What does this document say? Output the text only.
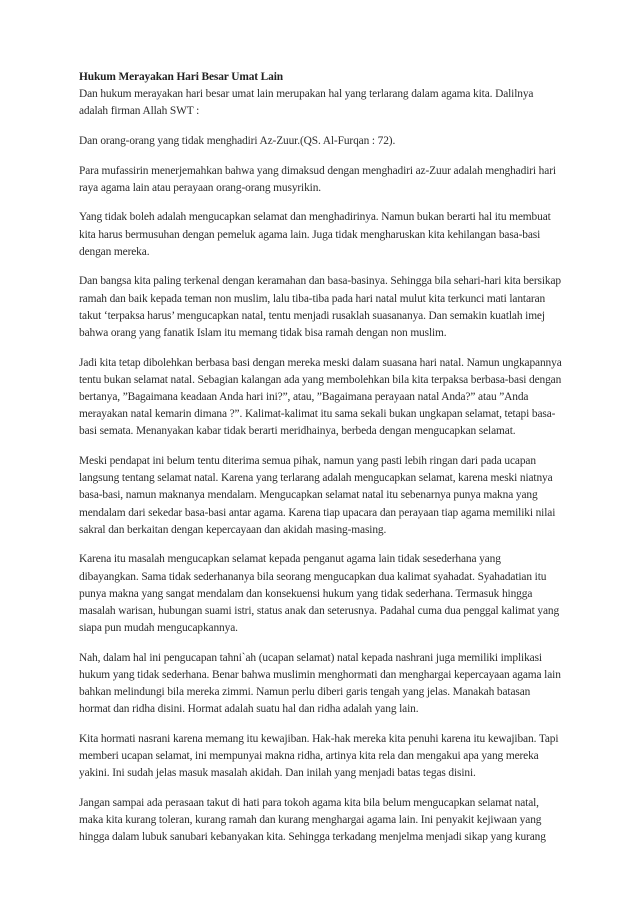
Hukum Merayakan Hari Besar Umat Lain

Dan hukum merayakan hari besar umat lain merupakan hal yang terlarang dalam agama kita. Dalilnya adalah firman Allah SWT :

Dan orang-orang yang tidak menghadiri Az-Zuur.(QS. Al-Furqan : 72).

Para mufassirin menerjemahkan bahwa yang dimaksud dengan menghadiri az-Zuur adalah menghadiri hari raya agama lain atau perayaan orang-orang musyrikin.

Yang tidak boleh adalah mengucapkan selamat dan menghadirinya. Namun bukan berarti hal itu membuat kita harus bermusuhan dengan pemeluk agama lain. Juga tidak mengharuskan kita kehilangan basa-basi dengan mereka.

Dan bangsa kita paling terkenal dengan keramahan dan basa-basinya. Sehingga bila sehari-hari kita bersikap ramah dan baik kepada teman non muslim, lalu tiba-tiba pada hari natal mulut kita terkunci mati lantaran takut ‘terpaksa harus’ mengucapkan natal, tentu menjadi rusaklah suasananya. Dan semakin kuatlah imej bahwa orang yang fanatik Islam itu memang tidak bisa ramah dengan non muslim.

Jadi kita tetap dibolehkan berbasa basi dengan mereka meski dalam suasana hari natal. Namun ungkapannya tentu bukan selamat natal. Sebagian kalangan ada yang membolehkan bila kita terpaksa berbasa-basi dengan bertanya, ”Bagaimana keadaan Anda hari ini?”, atau, ”Bagaimana perayaan natal Anda?” atau ”Anda merayakan natal kemarin dimana ?”. Kalimat-kalimat itu sama sekali bukan ungkapan selamat, tetapi basa-basi semata. Menanyakan kabar tidak berarti meridhainya, berbeda dengan mengucapkan selamat.

Meski pendapat ini belum tentu diterima semua pihak, namun yang pasti lebih ringan dari pada ucapan langsung tentang selamat natal. Karena yang terlarang adalah mengucapkan selamat, karena meski niatnya basa-basi, namun maknanya mendalam. Mengucapkan selamat natal itu sebenarnya punya makna yang mendalam dari sekedar basa-basi antar agama. Karena tiap upacara dan perayaan tiap agama memiliki nilai sakral dan berkaitan dengan kepercayaan dan akidah masing-masing.

Karena itu masalah mengucapkan selamat kepada penganut agama lain tidak sesederhana yang dibayangkan. Sama tidak sederhananya bila seorang mengucapkan dua kalimat syahadat. Syahadatian itu punya makna yang sangat mendalam dan konsekuensi hukum yang tidak sederhana. Termasuk hingga masalah warisan, hubungan suami istri, status anak dan seterusnya. Padahal cuma dua penggal kalimat yang siapa pun mudah mengucapkannya.

Nah, dalam hal ini pengucapan tahni`ah (ucapan selamat) natal kepada nashrani juga memiliki implikasi hukum yang tidak sederhana. Benar bahwa muslimin menghormati dan menghargai kepercayaan agama lain bahkan melindungi bila mereka zimmi. Namun perlu diberi garis tengah yang jelas. Manakah batasan hormat dan ridha disini. Hormat adalah suatu hal dan ridha adalah yang lain.

Kita hormati nasrani karena memang itu kewajiban. Hak-hak mereka kita penuhi karena itu kewajiban. Tapi memberi ucapan selamat, ini mempunyai makna ridha, artinya kita rela dan mengakui apa yang mereka yakini. Ini sudah jelas masuk masalah akidah. Dan inilah yang menjadi batas tegas disini.

Jangan sampai ada perasaan takut di hati para tokoh agama kita bila belum mengucapkan selamat natal, maka kita kurang toleran, kurang ramah dan kurang menghargai agama lain. Ini penyakit kejiwaan yang hingga dalam lubuk sanubari kebanyakan kita. Sehingga terkadang menjelma menjadi sikap yang kurang
